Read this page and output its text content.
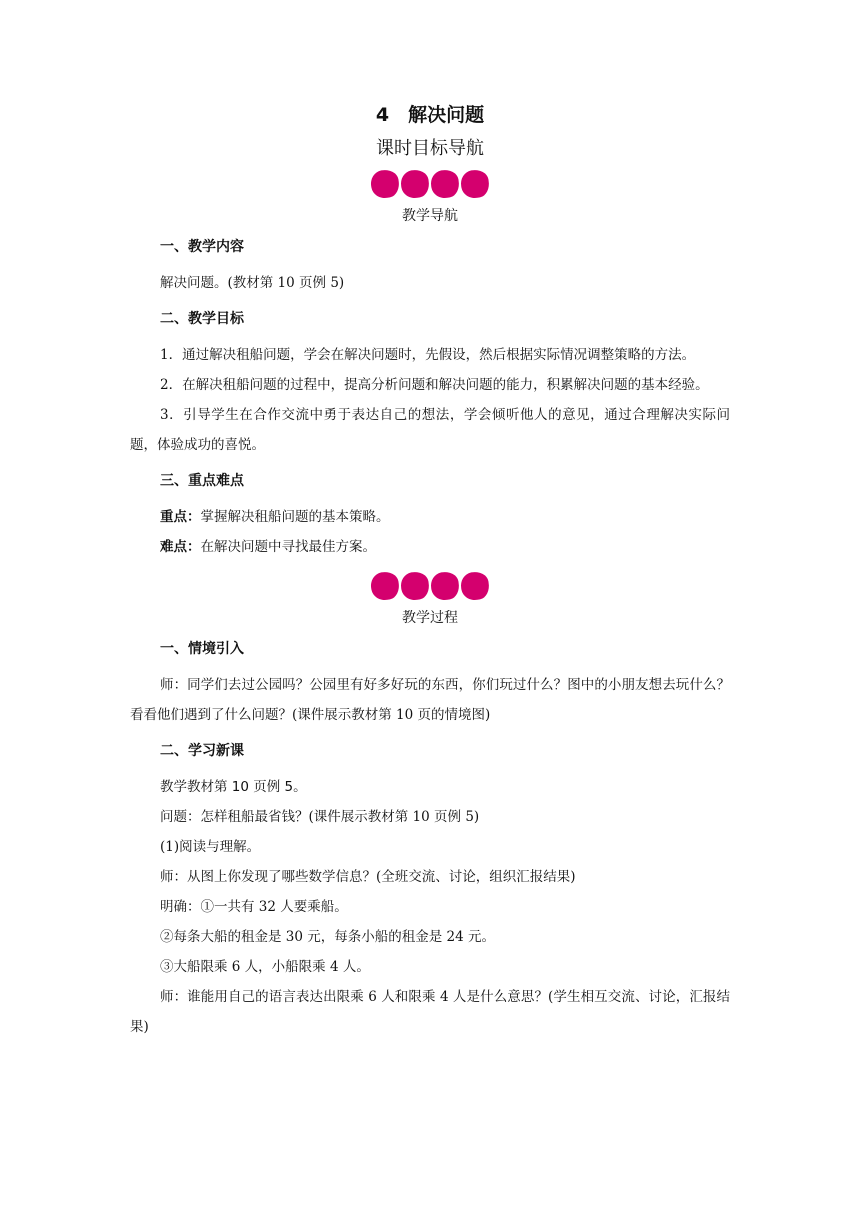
4　解决问题
课时目标导航
教学导航
一、教学内容

解决问题。(教材第 10 页例 5)

二、教学目标

1．通过解决租船问题，学会在解决问题时，先假设，然后根据实际情况调整策略的方法。

2．在解决租船问题的过程中，提高分析问题和解决问题的能力，积累解决问题的基本经验。

3．引导学生在合作交流中勇于表达自己的想法，学会倾听他人的意见，通过合理解决实际问题，体验成功的喜悦。

三、重点难点

重点：掌握解决租船问题的基本策略。

难点：在解决问题中寻找最佳方案。

教学过程
一、情境引入

师：同学们去过公园吗？公园里有好多好玩的东西，你们玩过什么？图中的小朋友想去玩什么？看看他们遇到了什么问题？(课件展示教材第 10 页的情境图)

二、学习新课

教学教材第 10 页例 5。

问题：怎样租船最省钱？(课件展示教材第 10 页例 5)

(1)阅读与理解。

师：从图上你发现了哪些数学信息？(全班交流、讨论，组织汇报结果)

明确：①一共有 32 人要乘船。

②每条大船的租金是 30 元，每条小船的租金是 24 元。

③大船限乘 6 人，小船限乘 4 人。

师：谁能用自己的语言表达出限乘 6 人和限乘 4 人是什么意思？(学生相互交流、讨论，汇报结果)
